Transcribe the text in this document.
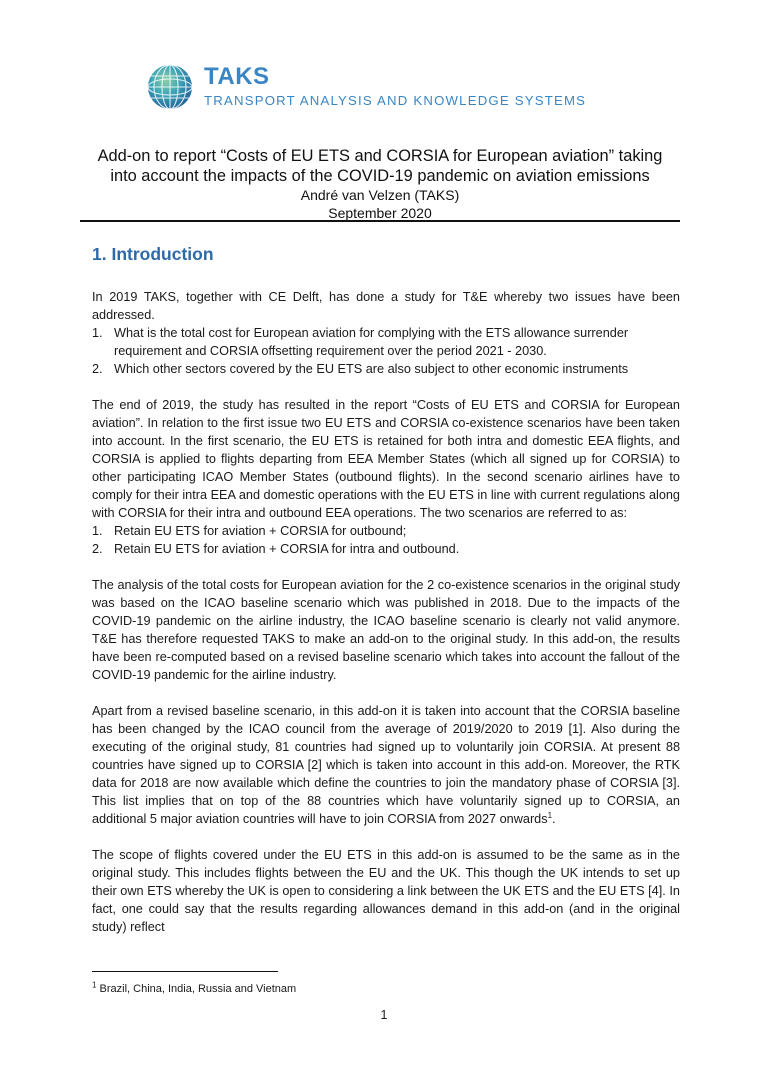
TAKS
TRANSPORT ANALYSIS AND KNOWLEDGE SYSTEMS
Add-on to report “Costs of EU ETS and CORSIA for European aviation” taking
into account the impacts of the COVID-19 pandemic on aviation emissions
André van Velzen (TAKS)
September 2020
1. Introduction

In 2019 TAKS, together with CE Delft, has done a study for T&E whereby two issues have been addressed.

1. What is the total cost for European aviation for complying with the ETS allowance surrender requirement and CORSIA offsetting requirement over the period 2021 - 2030.
2. Which other sectors covered by the EU ETS are also subject to other economic instruments

The end of 2019, the study has resulted in the report “Costs of EU ETS and CORSIA for European aviation”. In relation to the first issue two EU ETS and CORSIA co-existence scenarios have been taken into account. In the first scenario, the EU ETS is retained for both intra and domestic EEA flights, and CORSIA is applied to flights departing from EEA Member States (which all signed up for CORSIA) to other participating ICAO Member States (outbound flights). In the second scenario airlines have to comply for their intra EEA and domestic operations with the EU ETS in line with current regulations along with CORSIA for their intra and outbound EEA operations. The two scenarios are referred to as:

1. Retain EU ETS for aviation + CORSIA for outbound;
2. Retain EU ETS for aviation + CORSIA for intra and outbound.

The analysis of the total costs for European aviation for the 2 co-existence scenarios in the original study was based on the ICAO baseline scenario which was published in 2018. Due to the impacts of the COVID-19 pandemic on the airline industry, the ICAO baseline scenario is clearly not valid anymore. T&E has therefore requested TAKS to make an add-on to the original study. In this add-on, the results have been re-computed based on a revised baseline scenario which takes into account the fallout of the COVID-19 pandemic for the airline industry.

Apart from a revised baseline scenario, in this add-on it is taken into account that the CORSIA baseline has been changed by the ICAO council from the average of 2019/2020 to 2019 [1]. Also during the executing of the original study, 81 countries had signed up to voluntarily join CORSIA. At present 88 countries have signed up to CORSIA [2] which is taken into account in this add-on. Moreover, the RTK data for 2018 are now available which define the countries to join the mandatory phase of CORSIA [3]. This list implies that on top of the 88 countries which have voluntarily signed up to CORSIA, an additional 5 major aviation countries will have to join CORSIA from 2027 onwards$^1$.

The scope of flights covered under the EU ETS in this add-on is assumed to be the same as in the original study. This includes flights between the EU and the UK. This though the UK intends to set up their own ETS whereby the UK is open to considering a link between the UK ETS and the EU ETS [4]. In fact, one could say that the results regarding allowances demand in this add-on (and in the original study) reflect

$^1$ Brazil, China, India, Russia and Vietnam
1
